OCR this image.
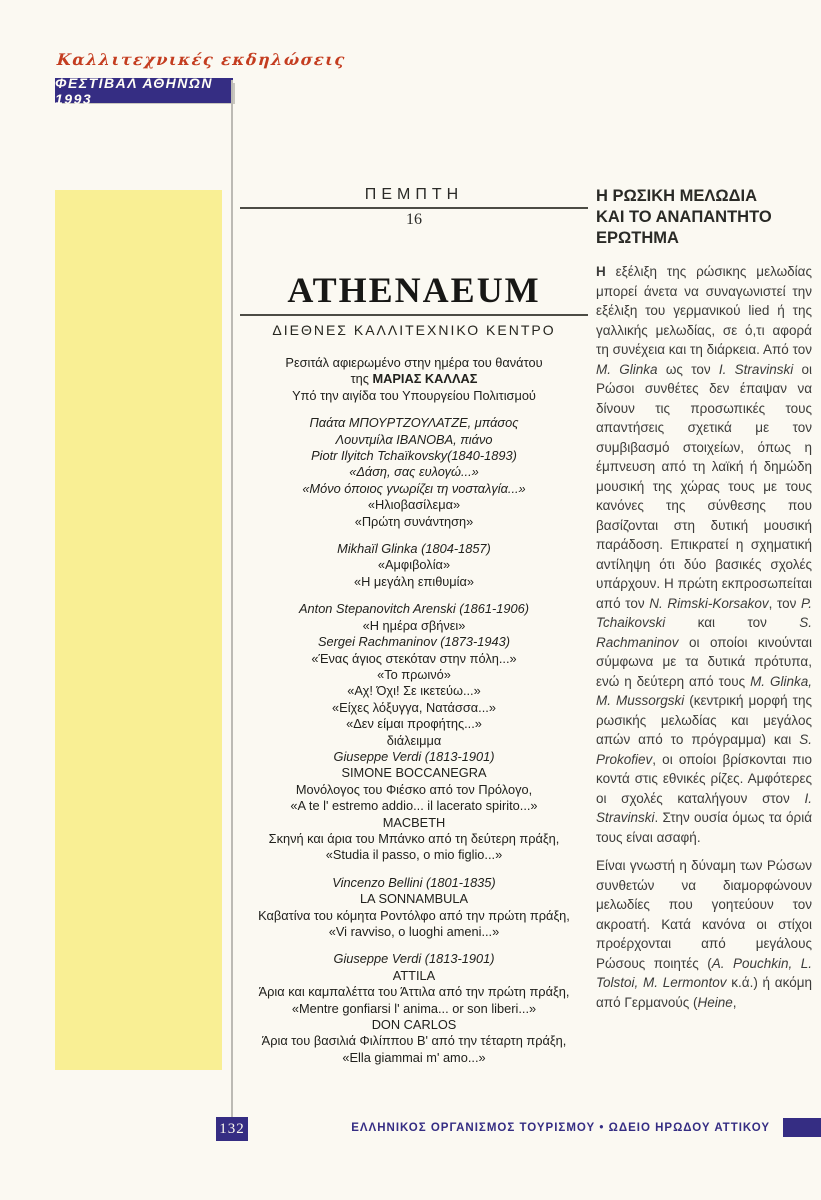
Καλλιτεχνικές εκδηλώσεις
ΦΕΣΤΙΒΑΛ ΑΘΗΝΩΝ 1993
ΠΕΜΠΤΗ
16
ATHENAEUM
ΔΙΕΘΝΕΣ ΚΑΛΛΙΤΕΧΝΙΚΟ ΚΕΝΤΡΟ
Ρεσιτάλ αφιερωμένο στην ημέρα του θανάτου
της ΜΑΡΙΑΣ ΚΑΛΛΑΣ
Υπό την αιγίδα του Υπουργείου Πολιτισμού
Παάτα ΜΠΟΥΡΤΖΟΥΛΑΤΖΕ, μπάσος
Λουντμίλα ΙΒΑΝΟΒΑ, πιάνο
Piotr Ilyitch Tchaïkovsky(1840-1893)
«Δάση, σας ευλογώ...»
«Μόνο όποιος γνωρίζει τη νοσταλγία...»
«Ηλιοβασίλεμα»
«Πρώτη συνάντηση»
Mikhaïl Glinka (1804-1857)
«Αμφιβολία»
«Η μεγάλη επιθυμία»
Anton Stepanovitch Arenski (1861-1906)
«Η ημέρα σβήνει»
Sergei Rachmaninov (1873-1943)
«Ένας άγιος στεκόταν στην πόλη...»
«Το πρωινό»
«Αχ! Όχι! Σε ικετεύω...»
«Είχες λόξυγγα, Νατάσσα...»
«Δεν είμαι προφήτης...»
διάλειμμα
Giuseppe Verdi (1813-1901)
SIMONE BOCCANEGRA
Μονόλογος του Φιέσκο από τον Πρόλογο,
«A te l' estremo addio... il lacerato spirito...»
MACBETH
Σκηνή και άρια του Μπάνκο από τη δεύτερη πράξη,
«Studia il passo, o mio figlio...»
Vincenzo Bellini (1801-1835)
LA SONNAMBULA
Καβατίνα του κόμητα Ροντόλφο από την πρώτη πράξη,
«Vi ravviso, o luoghi ameni...»
Giuseppe Verdi (1813-1901)
ATTILA
Άρια και καμπαλέττα του Άττιλα από την πρώτη πράξη,
«Mentre gonfiarsi l' anima... or son liberi...»
DON CARLOS
Άρια του βασιλιά Φιλίππου Β' από την τέταρτη πράξη,
«Ella giammai m' amo...»
Η ΡΩΣΙΚΗ ΜΕΛΩΔΙΑ
ΚΑΙ ΤΟ ΑΝΑΠΑΝΤΗΤΟ
ΕΡΩΤΗΜΑ

Η εξέλιξη της ρώσικης μελωδίας μπορεί άνετα να συναγωνιστεί την εξέλιξη του γερμανικού lied ή της γαλλικής μελωδίας, σε ό,τι αφορά τη συνέχεια και τη διάρκεια. Από τον M. Glinka ως τον I. Stravinski οι Ρώσοι συνθέτες δεν έπαψαν να δίνουν τις προσωπικές τους απαντήσεις σχετικά με τον συμβιβασμό στοιχείων, όπως η έμπνευση από τη λαϊκή ή δημώδη μουσική της χώρας τους με τους κανόνες της σύνθεσης που βασίζονται στη δυτική μουσική παράδοση. Επικρατεί η σχηματική αντίληψη ότι δύο βασικές σχολές υπάρχουν. Η πρώτη εκπροσωπείται από τον N. Rimski-Korsakov, τον P. Tchaikovski και τον S. Rachmaninov οι οποίοι κινούνται σύμφωνα με τα δυτικά πρότυπα, ενώ η δεύτερη από τους M. Glinka, M. Mussorgski (κεντρική μορφή της ρωσικής μελωδίας και μεγάλος απών από το πρόγραμμα) και S. Prokofiev, οι οποίοι βρίσκονται πιο κοντά στις εθνικές ρίζες. Αμφότερες οι σχολές καταλήγουν στον I. Stravinski. Στην ουσία όμως τα όριά τους είναι ασαφή.

Είναι γνωστή η δύναμη των Ρώσων συνθετών να διαμορφώνουν μελωδίες που γοητεύουν τον ακροατή. Κατά κανόνα οι στίχοι προέρχονται από μεγάλους Ρώσους ποιητές (A. Pouchkin, L. Tolstoi, M. Lermontov κ.ά.) ή ακόμη από Γερμανούς (Heine,

132	ΕΛΛΗΝΙΚΟΣ ΟΡΓΑΝΙΣΜΟΣ ΤΟΥΡΙΣΜΟΥ • ΩΔΕΙΟ ΗΡΩΔΟΥ ΑΤΤΙΚΟΥ
